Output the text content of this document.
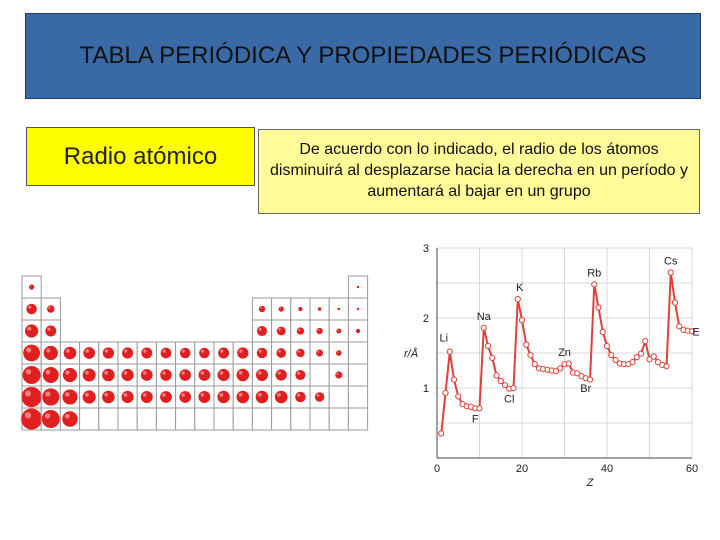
TABLA PERIÓDICA Y PROPIEDADES PERIÓDICAS
Radio atómico	De acuerdo con lo indicado, el radio de los átomos disminuirá al desplazarse hacia la derecha en un período y aumentará al bajar en un grupo
1
2
3
0	20	40	60
r/Å
Z
Li
F
Na
Cl
K
Zn
Br
Rb
Cs
E
